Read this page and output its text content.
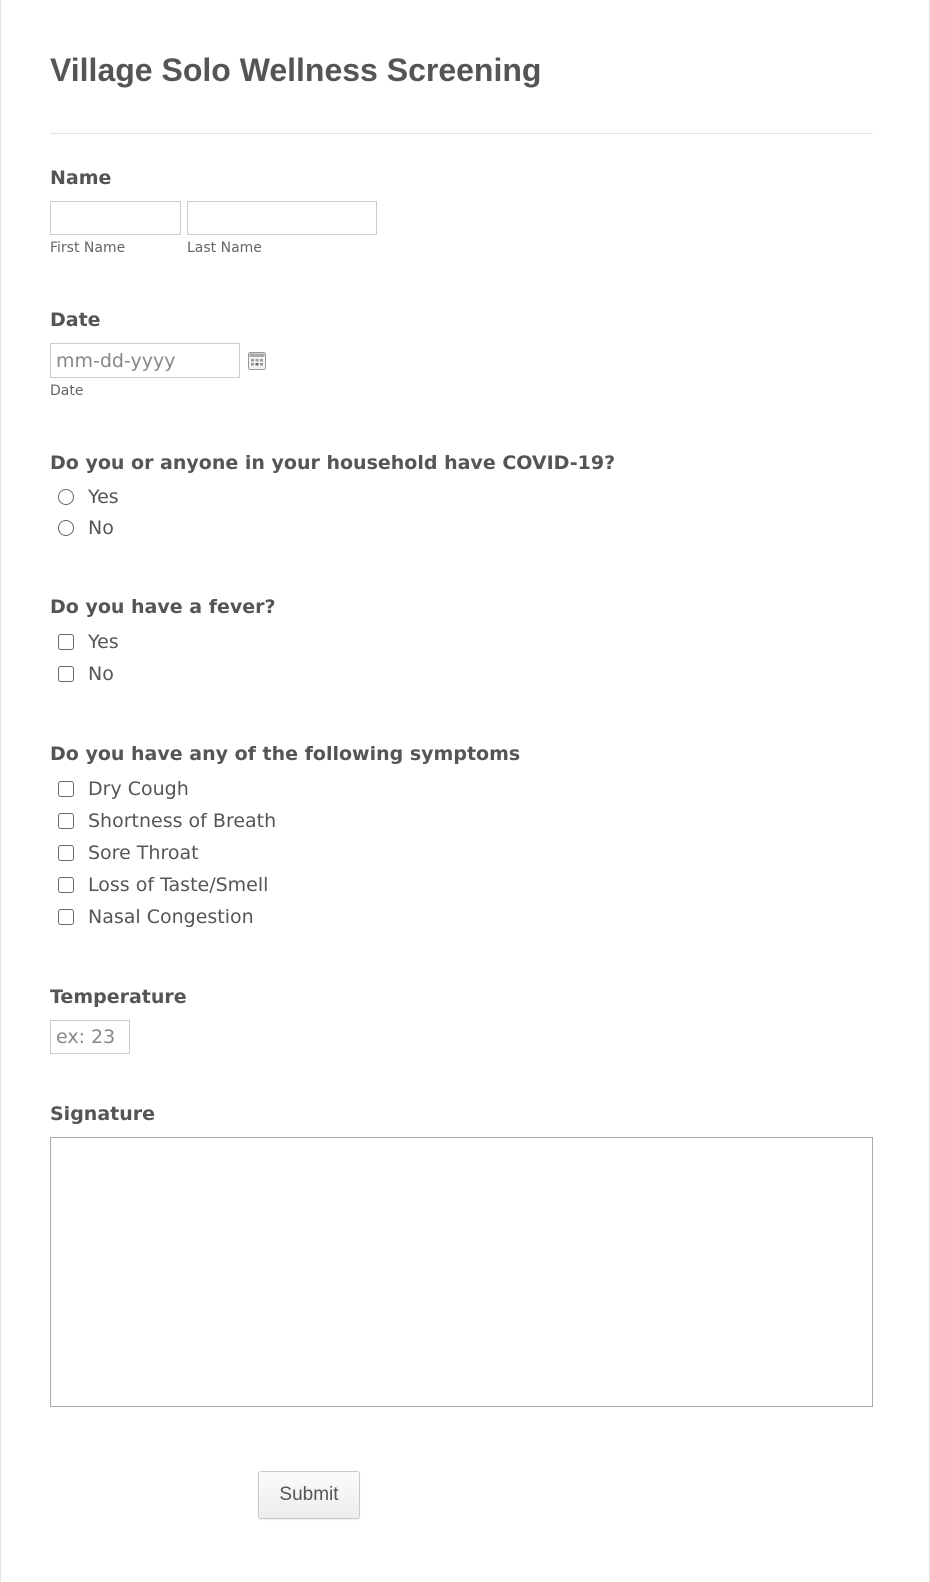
Village Solo Wellness Screening
Name
First Name	Last Name
Date
mm-dd-yyyy
Date
Do you or anyone in your household have COVID-19?
Yes
No
Do you have a fever?
Yes
No
Do you have any of the following symptoms
Dry Cough
Shortness of Breath
Sore Throat
Loss of Taste/Smell
Nasal Congestion
Temperature
ex: 23
Signature
Submit
